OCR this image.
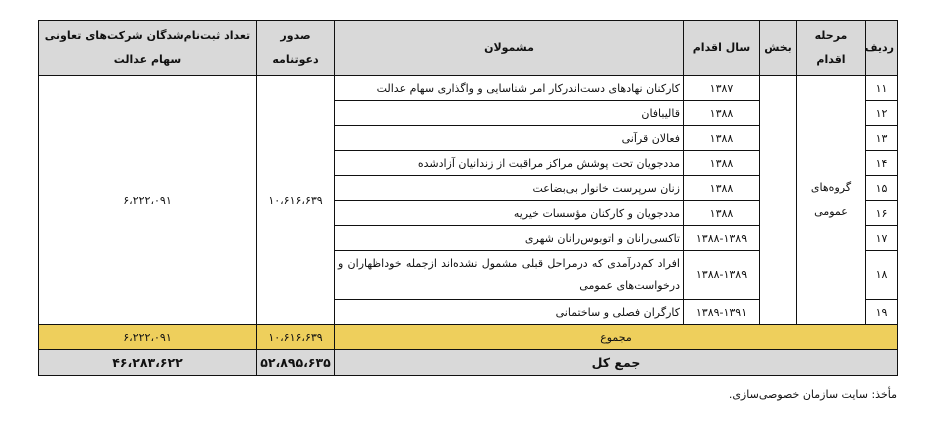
ردیف	مرحله اقدام	بخش	سال اقدام	مشمولان	صدور دعوتنامه	تعداد ثبت‌نام‌شدگان شرکت‌های تعاونی سهام عدالت
۱۱	گروه‌های عمومی		۱۳۸۷	کارکنان نهادهای دست‌اندرکار امر شناسایی و واگذاری سهام عدالت	۱۰،۶۱۶،۶۳۹	۶،۲۲۲،۰۹۱
۱۲			۱۳۸۸	قالیبافان		
۱۳			۱۳۸۸	فعالان قرآنی		
۱۴			۱۳۸۸	مددجویان تحت پوشش مراکز مراقبت از زندانیان آزادشده		
۱۵			۱۳۸۸	زنان سرپرست خانوار بی‌بضاعت		
۱۶			۱۳۸۸	مددجویان و کارکنان مؤسسات خیریه		
۱۷			۱۳۸۸-۱۳۸۹	تاکسی‌رانان و اتوبوس‌رانان شهری		
۱۸			۱۳۸۸-۱۳۸۹	افراد کم‌درآمدی که درمراحل قبلی مشمول نشده‌اند ازجمله خوداظهاران و درخواست‌های عمومی		
۱۹			۱۳۸۹-۱۳۹۱	کارگران فصلی و ساختمانی		
مجموع					۱۰،۶۱۶،۶۳۹	۶،۲۲۲،۰۹۱
جمع کل					۵۲،۸۹۵،۶۳۵	۴۶،۲۸۳،۶۲۲
مأخذ: سایت سازمان خصوصی‌سازی.
